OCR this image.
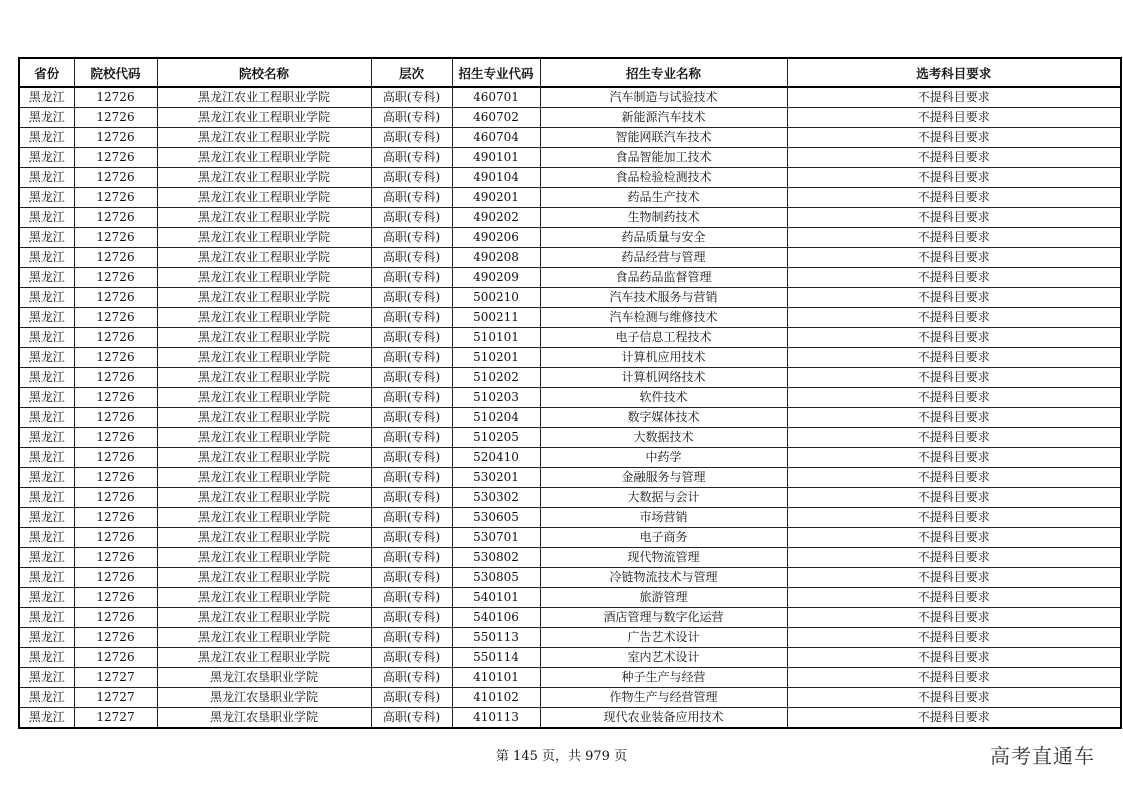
省份	院校代码	院校名称	层次	招生专业代码	招生专业名称	选考科目要求
黑龙江	12726	黑龙江农业工程职业学院	高职(专科)	460701	汽车制造与试验技术	不提科目要求
黑龙江	12726	黑龙江农业工程职业学院	高职(专科)	460702	新能源汽车技术	不提科目要求
黑龙江	12726	黑龙江农业工程职业学院	高职(专科)	460704	智能网联汽车技术	不提科目要求
黑龙江	12726	黑龙江农业工程职业学院	高职(专科)	490101	食品智能加工技术	不提科目要求
黑龙江	12726	黑龙江农业工程职业学院	高职(专科)	490104	食品检验检测技术	不提科目要求
黑龙江	12726	黑龙江农业工程职业学院	高职(专科)	490201	药品生产技术	不提科目要求
黑龙江	12726	黑龙江农业工程职业学院	高职(专科)	490202	生物制药技术	不提科目要求
黑龙江	12726	黑龙江农业工程职业学院	高职(专科)	490206	药品质量与安全	不提科目要求
黑龙江	12726	黑龙江农业工程职业学院	高职(专科)	490208	药品经营与管理	不提科目要求
黑龙江	12726	黑龙江农业工程职业学院	高职(专科)	490209	食品药品监督管理	不提科目要求
黑龙江	12726	黑龙江农业工程职业学院	高职(专科)	500210	汽车技术服务与营销	不提科目要求
黑龙江	12726	黑龙江农业工程职业学院	高职(专科)	500211	汽车检测与维修技术	不提科目要求
黑龙江	12726	黑龙江农业工程职业学院	高职(专科)	510101	电子信息工程技术	不提科目要求
黑龙江	12726	黑龙江农业工程职业学院	高职(专科)	510201	计算机应用技术	不提科目要求
黑龙江	12726	黑龙江农业工程职业学院	高职(专科)	510202	计算机网络技术	不提科目要求
黑龙江	12726	黑龙江农业工程职业学院	高职(专科)	510203	软件技术	不提科目要求
黑龙江	12726	黑龙江农业工程职业学院	高职(专科)	510204	数字媒体技术	不提科目要求
黑龙江	12726	黑龙江农业工程职业学院	高职(专科)	510205	大数据技术	不提科目要求
黑龙江	12726	黑龙江农业工程职业学院	高职(专科)	520410	中药学	不提科目要求
黑龙江	12726	黑龙江农业工程职业学院	高职(专科)	530201	金融服务与管理	不提科目要求
黑龙江	12726	黑龙江农业工程职业学院	高职(专科)	530302	大数据与会计	不提科目要求
黑龙江	12726	黑龙江农业工程职业学院	高职(专科)	530605	市场营销	不提科目要求
黑龙江	12726	黑龙江农业工程职业学院	高职(专科)	530701	电子商务	不提科目要求
黑龙江	12726	黑龙江农业工程职业学院	高职(专科)	530802	现代物流管理	不提科目要求
黑龙江	12726	黑龙江农业工程职业学院	高职(专科)	530805	冷链物流技术与管理	不提科目要求
黑龙江	12726	黑龙江农业工程职业学院	高职(专科)	540101	旅游管理	不提科目要求
黑龙江	12726	黑龙江农业工程职业学院	高职(专科)	540106	酒店管理与数字化运营	不提科目要求
黑龙江	12726	黑龙江农业工程职业学院	高职(专科)	550113	广告艺术设计	不提科目要求
黑龙江	12726	黑龙江农业工程职业学院	高职(专科)	550114	室内艺术设计	不提科目要求
黑龙江	12727	黑龙江农垦职业学院	高职(专科)	410101	种子生产与经营	不提科目要求
黑龙江	12727	黑龙江农垦职业学院	高职(专科)	410102	作物生产与经营管理	不提科目要求
黑龙江	12727	黑龙江农垦职业学院	高职(专科)	410113	现代农业装备应用技术	不提科目要求
第 145 页，共 979 页	高考直通车
